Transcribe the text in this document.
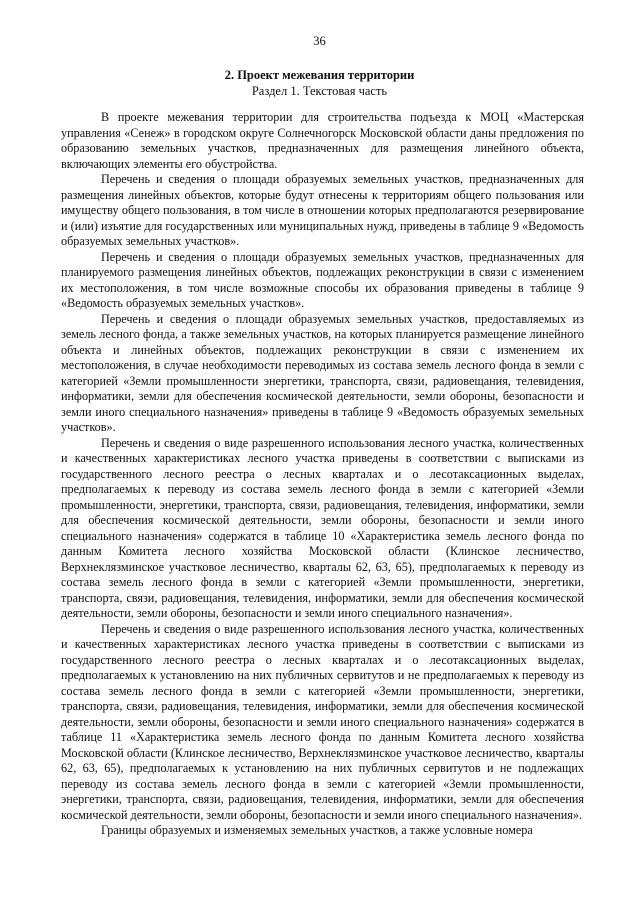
36
2. Проект межевания территории
Раздел 1. Текстовая часть

В проекте межевания территории для строительства подъезда к МОЦ «Мастерская управления «Сенеж» в городском округе Солнечногорск Московской области даны предложения по образованию земельных участков, предназначенных для размещения линейного объекта, включающих элементы его обустройства.

Перечень и сведения о площади образуемых земельных участков, предназначенных для размещения линейных объектов, которые будут отнесены к территориям общего пользования или имуществу общего пользования, в том числе в отношении которых предполагаются резервирование и (или) изъятие для государственных или муниципальных нужд, приведены в таблице 9 «Ведомость образуемых земельных участков».

Перечень и сведения о площади образуемых земельных участков, предназначенных для планируемого размещения линейных объектов, подлежащих реконструкции в связи с изменением их местоположения, в том числе возможные способы их образования приведены в таблице 9 «Ведомость образуемых земельных участков».

Перечень и сведения о площади образуемых земельных участков, предоставляемых из земель лесного фонда, а также земельных участков, на которых планируется размещение линейного объекта и линейных объектов, подлежащих реконструкции в связи с изменением их местоположения, в случае необходимости переводимых из состава земель лесного фонда в земли с категорией «Земли промышленности энергетики, транспорта, связи, радиовещания, телевидения, информатики, земли для обеспечения космической деятельности, земли обороны, безопасности и земли иного специального назначения» приведены в таблице 9 «Ведомость образуемых земельных участков».

Перечень и сведения о виде разрешенного использования лесного участка, количественных и качественных характеристиках лесного участка приведены в соответствии с выписками из государственного лесного реестра о лесных кварталах и о лесотаксационных выделах, предполагаемых к переводу из состава земель лесного фонда в земли с категорией «Земли промышленности, энергетики, транспорта, связи, радиовещания, телевидения, информатики, земли для обеспечения космической деятельности, земли обороны, безопасности и земли иного специального назначения» содержатся в таблице 10 «Характеристика земель лесного фонда по данным Комитета лесного хозяйства Московской области (Клинское лесничество, Верхнеклязминское участковое лесничество, кварталы 62, 63, 65), предполагаемых к переводу из состава земель лесного фонда в земли с категорией «Земли промышленности, энергетики, транспорта, связи, радиовещания, телевидения, информатики, земли для обеспечения космической деятельности, земли обороны, безопасности и земли иного специального назначения».

Перечень и сведения о виде разрешенного использования лесного участка, количественных и качественных характеристиках лесного участка приведены в соответствии с выписками из государственного лесного реестра о лесных кварталах и о лесотаксационных выделах, предполагаемых к установлению на них публичных сервитутов и не предполагаемых к переводу из состава земель лесного фонда в земли с категорией «Земли промышленности, энергетики, транспорта, связи, радиовещания, телевидения, информатики, земли для обеспечения космической деятельности, земли обороны, безопасности и земли иного специального назначения» содержатся в таблице 11 «Характеристика земель лесного фонда по данным Комитета лесного хозяйства Московской области (Клинское лесничество, Верхнеклязминское участковое лесничество, кварталы 62, 63, 65), предполагаемых к установлению на них публичных сервитутов и не подлежащих переводу из состава земель лесного фонда в земли с категорией «Земли промышленности, энергетики, транспорта, связи, радиовещания, телевидения, информатики, земли для обеспечения космической деятельности, земли обороны, безопасности и земли иного специального назначения».

Границы образуемых и изменяемых земельных участков, а также условные номера
